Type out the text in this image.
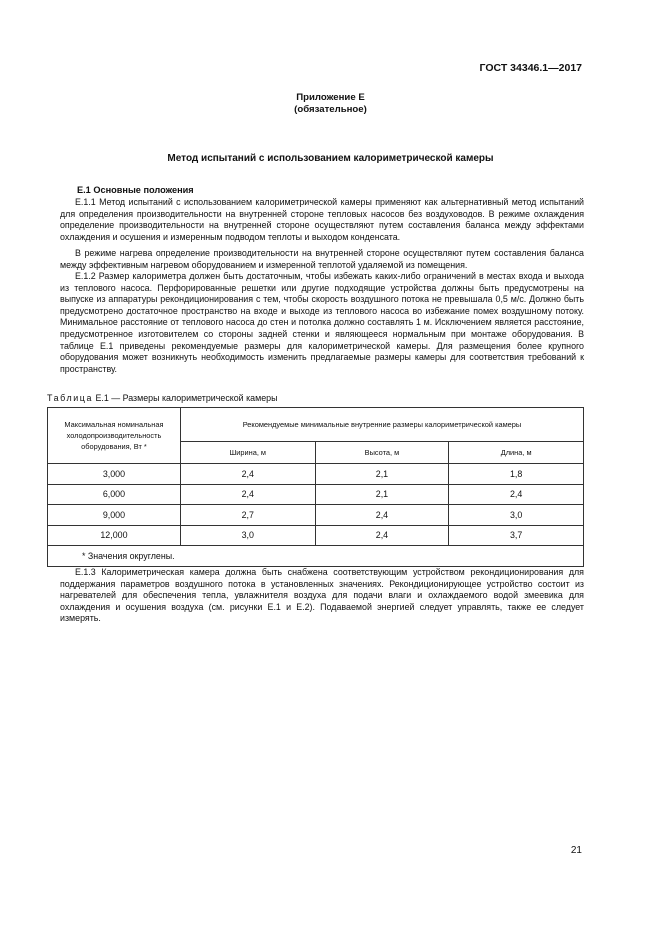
ГОСТ 34346.1—2017
Приложение Е
(обязательное)
Метод испытаний с использованием калориметрической камеры
Е.1 Основные положения

Е.1.1 Метод испытаний с использованием калориметрической камеры применяют как альтернативный метод испытаний для определения производительности на внутренней стороне тепловых насосов без воздуховодов. В режиме охлаждения определение производительности на внутренней стороне осуществляют путем составления баланса между эффектами охлаждения и осушения и измеренным подводом теплоты и выходом конденсата.

В режиме нагрева определение производительности на внутренней стороне осуществляют путем составления баланса между эффективным нагревом оборудованием и измеренной теплотой удаляемой из помещения.

Е.1.2 Размер калориметра должен быть достаточным, чтобы избежать каких-либо ограничений в местах входа и выхода из теплового насоса. Перфорированные решетки или другие подходящие устройства должны быть предусмотрены на выпуске из аппаратуры рекондиционирования с тем, чтобы скорость воздушного потока не превышала 0,5 м/с. Должно быть предусмотрено достаточное пространство на входе и выходе из теплового насоса во избежание помех воздушному потоку. Минимальное расстояние от теплового насоса до стен и потолка должно составлять 1 м. Исключением является расстояние, предусмотренное изготовителем со стороны задней стенки и являющееся нормальным при монтаже оборудования. В таблице Е.1 приведены рекомендуемые размеры для калориметрической камеры. Для размещения более крупного оборудования может возникнуть необходимость изменить предлагаемые размеры камеры для соответствия требований к пространству.

Таблица Е.1 — Размеры калориметрической камеры
Максимальная номинальная холодопроизводительность оборудования, Вт *	Рекомендуемые минимальные внутренние размеры калориметрической камеры		
	Ширина, м	Высота, м	Длина, м
3,000	2,4	2,1	1,8
6,000	2,4	2,1	2,4
9,000	2,7	2,4	3,0
12,000	3,0	2,4	3,7
* Значения округлены.			

Е.1.3 Калориметрическая камера должна быть снабжена соответствующим устройством рекондиционирования для поддержания параметров воздушного потока в установленных значениях. Рекондиционирующее устройство состоит из нагревателей для обеспечения тепла, увлажнителя воздуха для подачи влаги и охлаждаемого водой змеевика для охлаждения и осушения воздуха (см. рисунки Е.1 и Е.2). Подаваемой энергией следует управлять, также ее следует измерять.

21
